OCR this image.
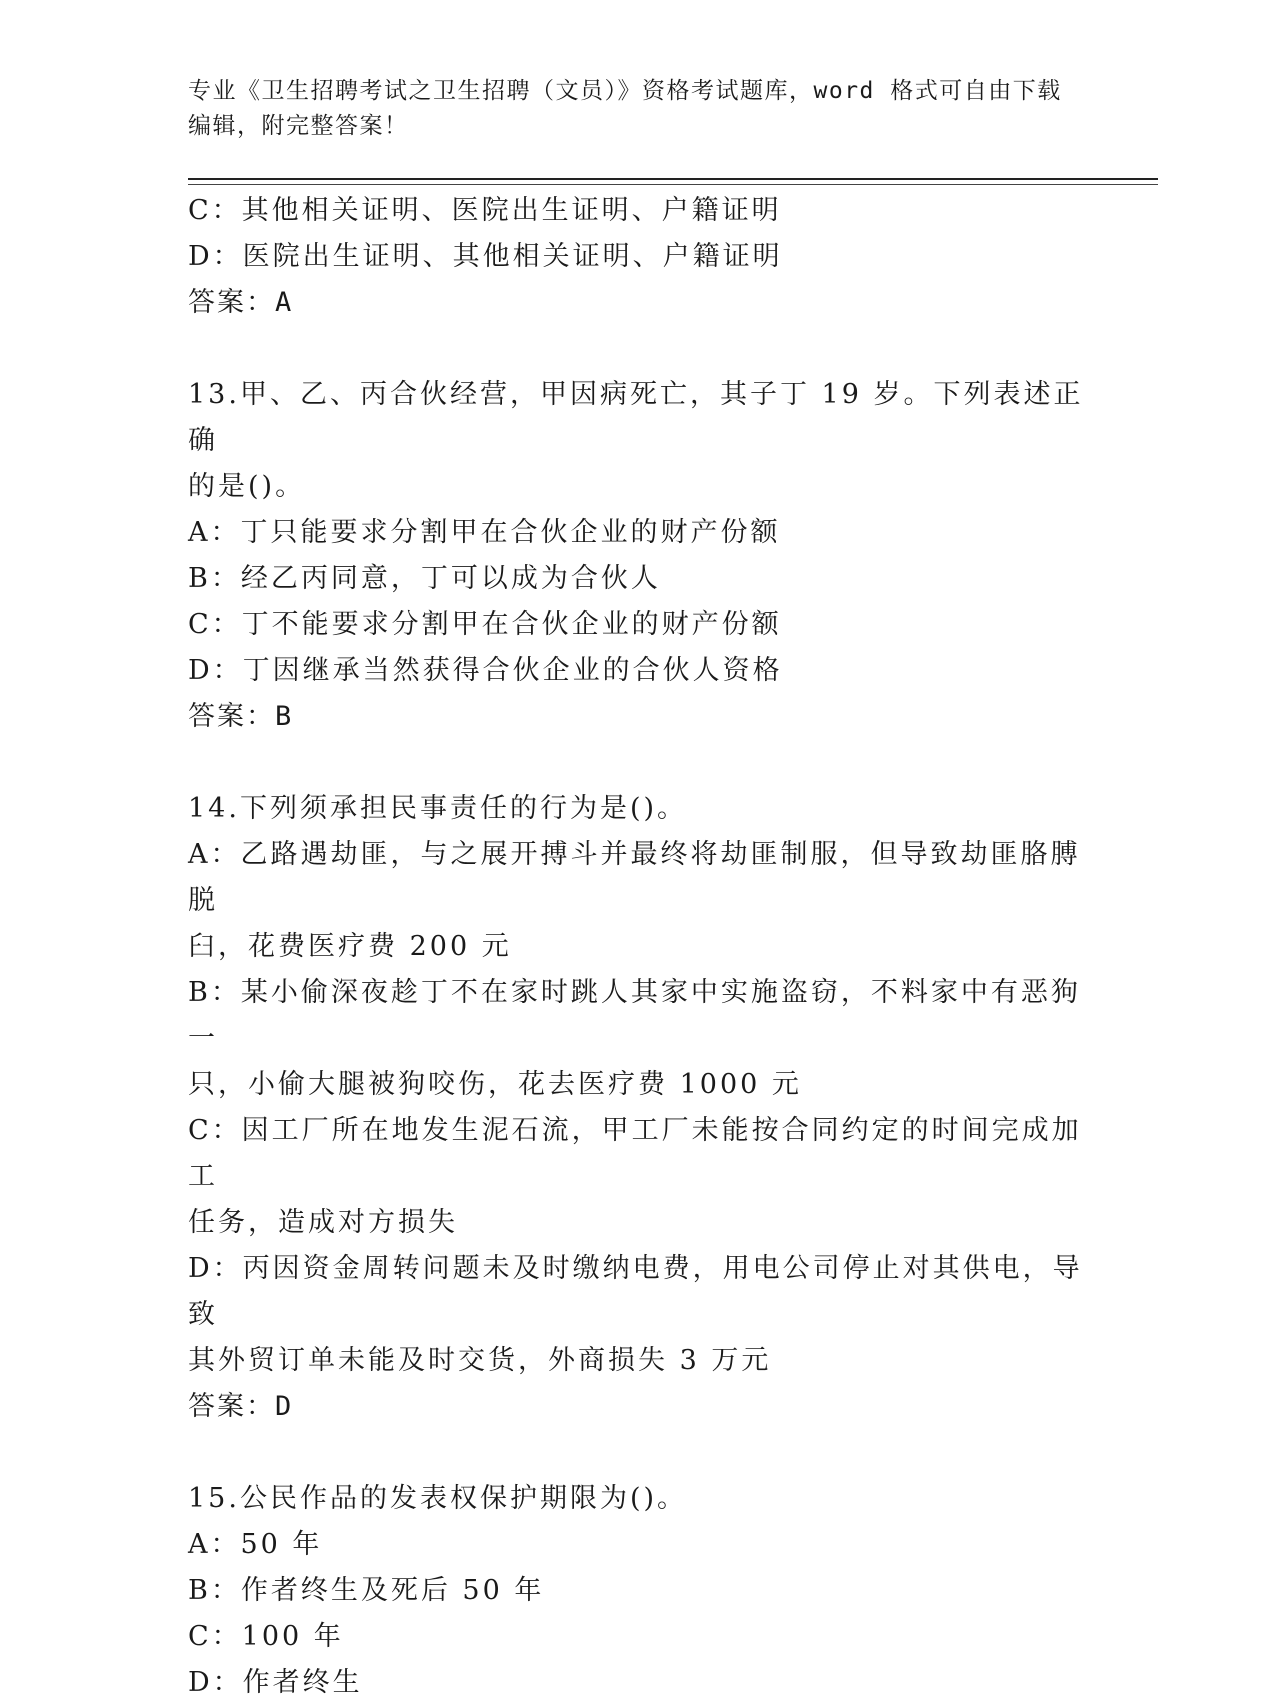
专业《卫生招聘考试之卫生招聘（文员）》资格考试题库，word 格式可自由下载
编辑，附完整答案！
C：其他相关证明、医院出生证明、户籍证明
D：医院出生证明、其他相关证明、户籍证明
答案：A
13.甲、乙、丙合伙经营，甲因病死亡，其子丁 19 岁。下列表述正确
的是()。
A：丁只能要求分割甲在合伙企业的财产份额
B：经乙丙同意，丁可以成为合伙人
C：丁不能要求分割甲在合伙企业的财产份额
D：丁因继承当然获得合伙企业的合伙人资格
答案：B
14.下列须承担民事责任的行为是()。
A：乙路遇劫匪，与之展开搏斗并最终将劫匪制服，但导致劫匪胳膊脱
臼，花费医疗费 200 元
B：某小偷深夜趁丁不在家时跳人其家中实施盗窃，不料家中有恶狗一
只，小偷大腿被狗咬伤，花去医疗费 1000 元
C：因工厂所在地发生泥石流，甲工厂未能按合同约定的时间完成加工
任务，造成对方损失
D：丙因资金周转问题未及时缴纳电费，用电公司停止对其供电，导致
其外贸订单未能及时交货，外商损失 3 万元
答案：D
15.公民作品的发表权保护期限为()。
A：50 年
B：作者终生及死后 50 年
C：100 年
D：作者终生
